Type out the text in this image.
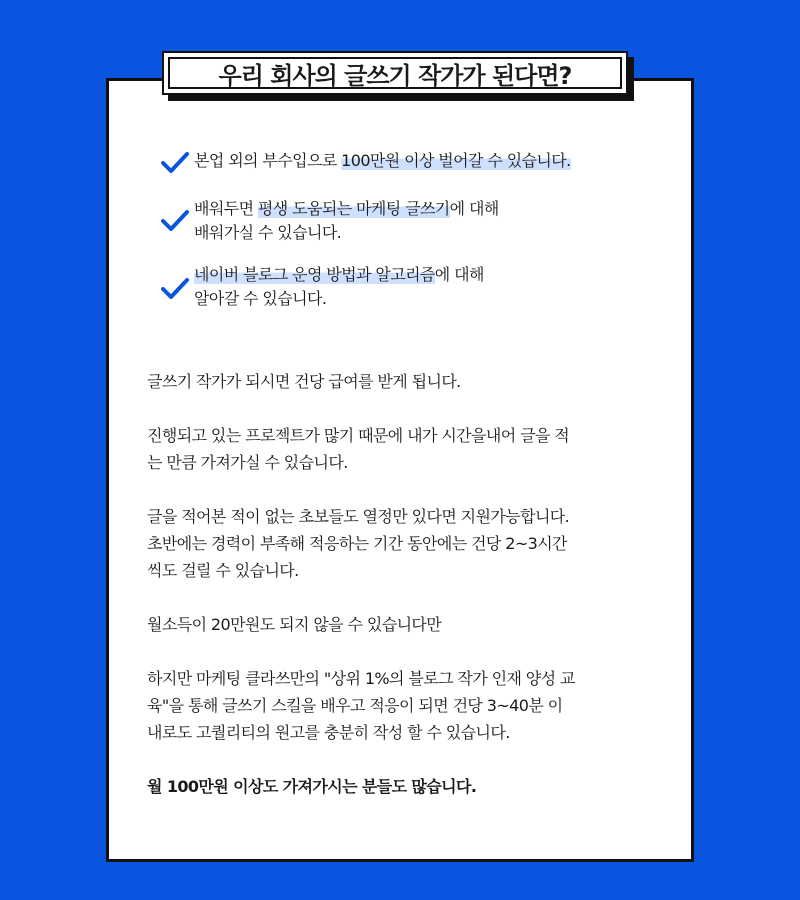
우리 회사의 글쓰기 작가가 된다면?
본업 외의 부수입으로 100만원 이상 벌어갈 수 있습니다.
배워두면 평생 도움되는 마케팅 글쓰기에 대해
배워가실 수 있습니다.
네이버 블로그 운영 방법과 알고리즘에 대해
알아갈 수 있습니다.

글쓰기 작가가 되시면 건당 급여를 받게 됩니다.

진행되고 있는 프로젝트가 많기 때문에 내가 시간을내어 글을 적
는 만큼 가져가실 수 있습니다.

글을 적어본 적이 없는 초보들도 열정만 있다면 지원가능합니다.
초반에는 경력이 부족해 적응하는 기간 동안에는 건당 2~3시간
씩도 걸릴 수 있습니다.

월소득이 20만원도 되지 않을 수 있습니다만

하지만 마케팅 클라쓰만의 "상위 1%의 블로그 작가 인재 양성 교
육"을 통해 글쓰기 스킬을 배우고 적응이 되면 건당 3~40분 이
내로도 고퀄리티의 원고를 충분히 작성 할 수 있습니다.

월 100만원 이상도 가져가시는 분들도 많습니다.
